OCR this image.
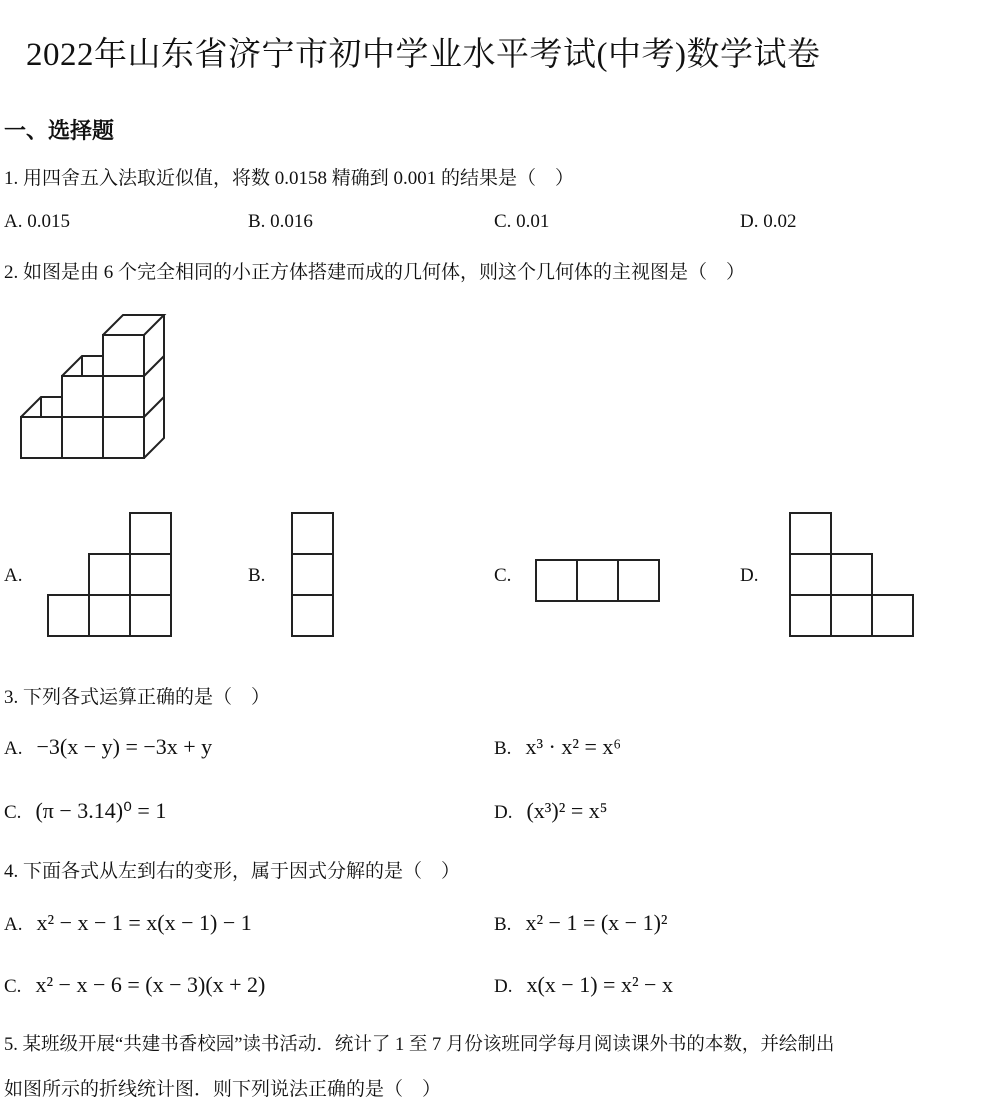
2022年山东省济宁市初中学业水平考试(中考)数学试卷
一、选择题
1. 用四舍五入法取近似值，将数 0.0158 精确到 0.001 的结果是（　）
A. 0.015	B. 0.016	C. 0.01	D. 0.02
2. 如图是由 6 个完全相同的小正方体搭建而成的几何体，则这个几何体的主视图是（　）
A.	B.	C.	D.
3. 下列各式运算正确的是（　）
A. −3(x − y) = −3x + y	B. x³ · x² = x⁶
C. (π − 3.14)⁰ = 1	D. (x³)² = x⁵
4. 下面各式从左到右的变形，属于因式分解的是（　）
A. x² − x − 1 = x(x − 1) − 1	B. x² − 1 = (x − 1)²
C. x² − x − 6 = (x − 3)(x + 2)	D. x(x − 1) = x² − x
5. 某班级开展“共建书香校园”读书活动．统计了 1 至 7 月份该班同学每月阅读课外书的本数，并绘制出
如图所示的折线统计图．则下列说法正确的是（　）
